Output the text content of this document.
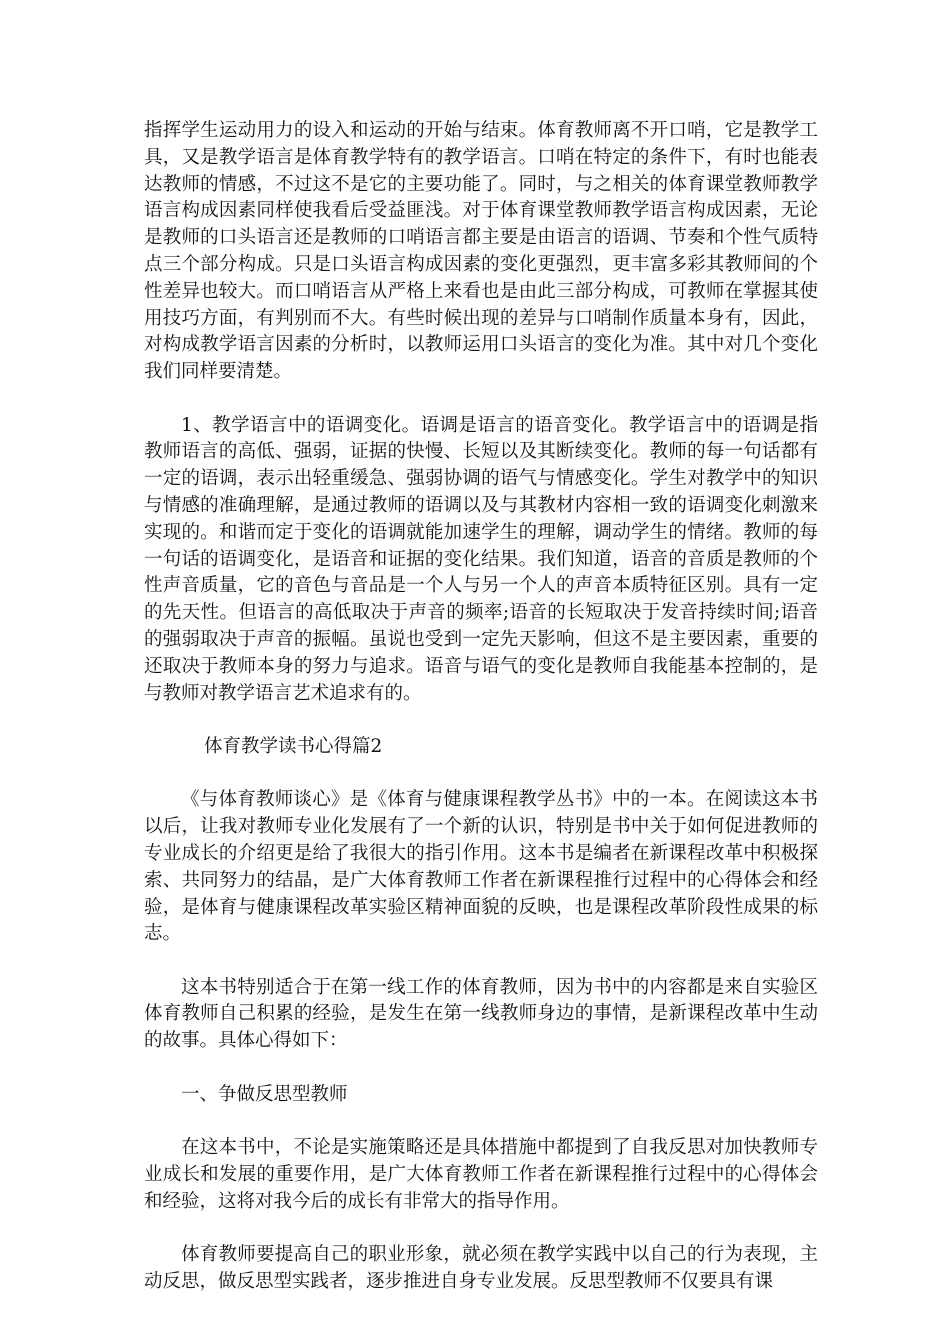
指挥学生运动用力的设入和运动的开始与结束。体育教师离不开口哨，它是教学工具，又是教学语言是体育教学特有的教学语言。口哨在特定的条件下，有时也能表达教师的情感，不过这不是它的主要功能了。同时，与之相关的体育课堂教师教学语言构成因素同样使我看后受益匪浅。对于体育课堂教师教学语言构成因素，无论是教师的口头语言还是教师的口哨语言都主要是由语言的语调、节奏和个性气质特点三个部分构成。只是口头语言构成因素的变化更强烈，更丰富多彩其教师间的个性差异也较大。而口哨语言从严格上来看也是由此三部分构成，可教师在掌握其使用技巧方面，有判别而不大。有些时候出现的差异与口哨制作质量本身有，因此，对构成教学语言因素的分析时，以教师运用口头语言的变化为准。其中对几个变化我们同样要清楚。

1、教学语言中的语调变化。语调是语言的语音变化。教学语言中的语调是指教师语言的高低、强弱，证据的快慢、长短以及其断续变化。教师的每一句话都有一定的语调，表示出轻重缓急、强弱协调的语气与情感变化。学生对教学中的知识与情感的准确理解，是通过教师的语调以及与其教材内容相一致的语调变化刺激来实现的。和谐而定于变化的语调就能加速学生的理解，调动学生的情绪。教师的每一句话的语调变化，是语音和证据的变化结果。我们知道，语音的音质是教师的个性声音质量，它的音色与音品是一个人与另一个人的声音本质特征区别。具有一定的先天性。但语言的高低取决于声音的频率;语音的长短取决于发音持续时间;语音的强弱取决于声音的振幅。虽说也受到一定先天影响，但这不是主要因素，重要的还取决于教师本身的努力与追求。语音与语气的变化是教师自我能基本控制的，是与教师对教学语言艺术追求有的。

体育教学读书心得篇2

《与体育教师谈心》是《体育与健康课程教学丛书》中的一本。在阅读这本书以后，让我对教师专业化发展有了一个新的认识，特别是书中关于如何促进教师的专业成长的介绍更是给了我很大的指引作用。这本书是编者在新课程改革中积极探索、共同努力的结晶，是广大体育教师工作者在新课程推行过程中的心得体会和经验，是体育与健康课程改革实验区精神面貌的反映，也是课程改革阶段性成果的标志。

这本书特别适合于在第一线工作的体育教师，因为书中的内容都是来自实验区体育教师自己积累的经验，是发生在第一线教师身边的事情，是新课程改革中生动的故事。具体心得如下：

一、争做反思型教师

在这本书中，不论是实施策略还是具体措施中都提到了自我反思对加快教师专业成长和发展的重要作用，是广大体育教师工作者在新课程推行过程中的心得体会和经验，这将对我今后的成长有非常大的指导作用。

体育教师要提高自己的职业形象，就必须在教学实践中以自己的行为表现，主动反思，做反思型实践者，逐步推进自身专业发展。反思型教师不仅要具有课
